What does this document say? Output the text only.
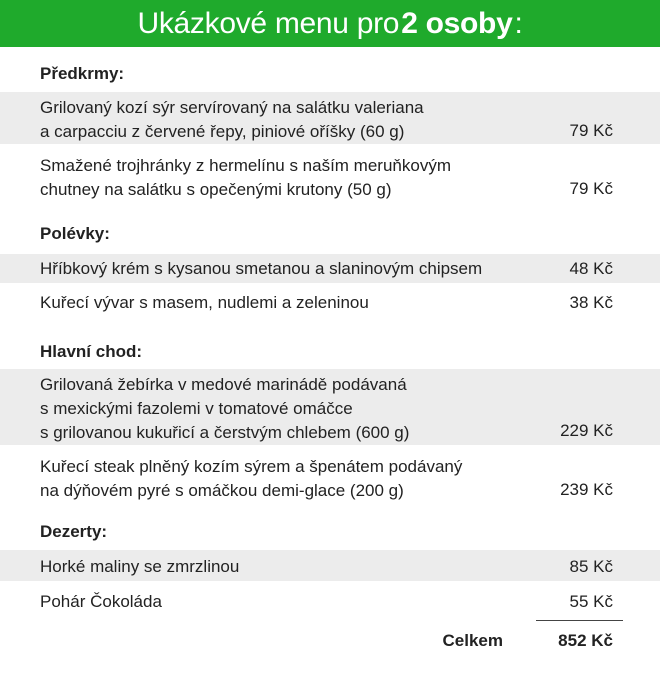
Ukázkové menu pro 2 osoby :
Předkrmy:
Grilovaný kozí sýr servírovaný na salátku valeriana
a carpacciu z červené řepy, piniové oříšky (60 g)	79 Kč
Smažené trojhránky z hermelínu s naším meruňkovým
chutney na salátku s opečenými krutony (50 g)	79 Kč
Polévky:
Hříbkový krém s kysanou smetanou a slaninovým chipsem	48 Kč
Kuřecí vývar s masem, nudlemi a zeleninou	38 Kč
Hlavní chod:
Grilovaná žebírka v medové marinádě podávaná
s mexickými fazolemi v tomatové omáčce
s grilovanou kukuřicí a čerstvým chlebem (600 g)	229 Kč
Kuřecí steak plněný kozím sýrem a špenátem podávaný
na dýňovém pyré s omáčkou demi-glace (200 g)	239 Kč
Dezerty:
Horké maliny se zmrzlinou	85 Kč
Pohár Čokoláda	55 Kč
Celkem	852 Kč
